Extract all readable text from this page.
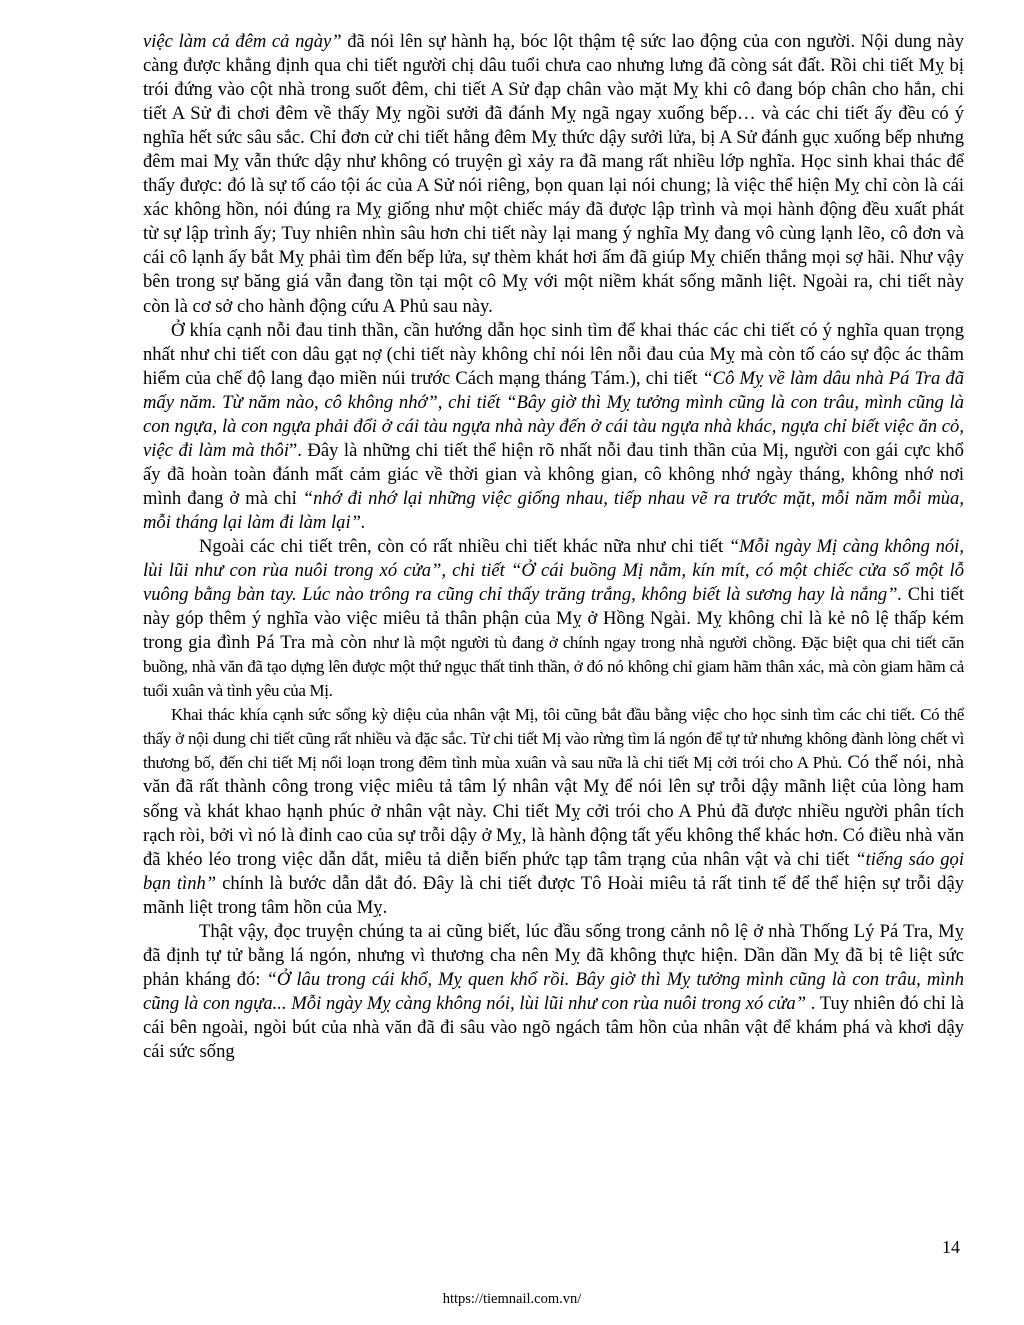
việc làm cả đêm cả ngày” đã nói lên sự hành hạ, bóc lột thậm tệ sức lao động của con người. Nội dung này càng được khẳng định qua chi tiết người chị dâu tuổi chưa cao nhưng lưng đã còng sát đất. Rồi chi tiết Mỵ bị trói đứng vào cột nhà trong suốt đêm, chi tiết A Sử đạp chân vào mặt Mỵ khi cô đang bóp chân cho hắn, chi tiết A Sử đi chơi đêm về thấy Mỵ ngồi sưởi đã đánh Mỵ ngã ngay xuống bếp… và các chi tiết ấy đều có ý nghĩa hết sức sâu sắc. Chỉ đơn cử chi tiết hằng đêm Mỵ thức dậy sưởi lửa, bị A Sử đánh gục xuống bếp nhưng đêm mai Mỵ vẫn thức dậy như không có truyện gì xảy ra đã mang rất nhiều lớp nghĩa. Học sinh khai thác để thấy được: đó là sự tố cáo tội ác của A Sử nói riêng, bọn quan lại nói chung; là việc thể hiện Mỵ chỉ còn là cái xác không hồn, nói đúng ra Mỵ giống như một chiếc máy đã được lập trình và mọi hành động đều xuất phát từ sự lập trình ấy; Tuy nhiên nhìn sâu hơn chi tiết này lại mang ý nghĩa Mỵ đang vô cùng lạnh lẽo, cô đơn và cái cô lạnh ấy bắt Mỵ phải tìm đến bếp lửa, sự thèm khát hơi ấm đã giúp Mỵ chiến thắng mọi sợ hãi. Như vậy bên trong sự băng giá vẫn đang tồn tại một cô Mỵ với một niềm khát sống mãnh liệt. Ngoài ra, chi tiết này còn là cơ sở cho hành động cứu A Phủ sau này.

Ở khía cạnh nỗi đau tinh thần, cần hướng dẫn học sinh tìm để khai thác các chi tiết có ý nghĩa quan trọng nhất như chi tiết con dâu gạt nợ (chi tiết này không chỉ nói lên nỗi đau của Mỵ mà còn tố cáo sự độc ác thâm hiểm của chế độ lang đạo miền núi trước Cách mạng tháng Tám.), chi tiết “Cô Mỵ về làm dâu nhà Pá Tra đã mấy năm. Từ năm nào, cô không nhớ”, chi tiết “Bây giờ thì Mỵ tưởng mình cũng là con trâu, mình cũng là con ngựa, là con ngựa phải đổi ở cái tàu ngựa nhà này đến ở cái tàu ngựa nhà khác, ngựa chỉ biết việc ăn cỏ, việc đi làm mà thôi”. Đây là những chi tiết thể hiện rõ nhất nỗi đau tinh thần của Mị, người con gái cực khổ ấy đã hoàn toàn đánh mất cảm giác về thời gian và không gian, cô không nhớ ngày tháng, không nhớ nơi mình đang ở mà chỉ “nhớ đi nhớ lại những việc giống nhau, tiếp nhau vẽ ra trước mặt, mỗi năm mỗi mùa, mỗi tháng lại làm đi làm lại”.

Ngoài các chi tiết trên, còn có rất nhiều chi tiết khác nữa như chi tiết “Mỗi ngày Mị càng không nói, lùi lũi như con rùa nuôi trong xó cửa”, chi tiết “Ở cái buồng Mị nằm, kín mít, có một chiếc cửa sổ một lỗ vuông bằng bàn tay. Lúc nào trông ra cũng chỉ thấy trăng trắng, không biết là sương hay là nắng”. Chi tiết này góp thêm ý nghĩa vào việc miêu tả thân phận của Mỵ ở Hồng Ngài. Mỵ không chỉ là kẻ nô lệ thấp kém trong gia đình Pá Tra mà còn như là một người tù đang ở chính ngay trong nhà người chồng. Đặc biệt qua chi tiết căn buồng, nhà văn đã tạo dựng lên được một thứ ngục thất tinh thần, ở đó nó không chỉ giam hãm thân xác, mà còn giam hãm cả tuổi xuân và tình yêu của Mị.

Khai thác khía cạnh sức sống kỳ diệu của nhân vật Mị, tôi cũng bắt đầu bằng việc cho học sinh tìm các chi tiết. Có thể thấy ở nội dung chi tiết cũng rất nhiều và đặc sắc. Từ chi tiết Mị vào rừng tìm lá ngón để tự tử nhưng không đành lòng chết vì thương bố, đến chi tiết Mị nổi loạn trong đêm tình mùa xuân và sau nữa là chi tiết Mị cởi trói cho A Phủ. Có thể nói, nhà văn đã rất thành công trong việc miêu tả tâm lý nhân vật Mỵ để nói lên sự trỗi dậy mãnh liệt của lòng ham sống và khát khao hạnh phúc ở nhân vật này. Chi tiết Mỵ cởi trói cho A Phủ đã được nhiều người phân tích rạch ròi, bởi vì nó là đỉnh cao của sự trỗi dậy ở Mỵ, là hành động tất yếu không thể khác hơn. Có điều nhà văn đã khéo léo trong việc dẫn dắt, miêu tả diễn biến phức tạp tâm trạng của nhân vật và chi tiết “tiếng sáo gọi bạn tình” chính là bước dẫn dắt đó. Đây là chi tiết được Tô Hoài miêu tả rất tinh tế để thể hiện sự trỗi dậy mãnh liệt trong tâm hồn của Mỵ.

Thật vậy, đọc truyện chúng ta ai cũng biết, lúc đầu sống trong cảnh nô lệ ở nhà Thống Lý Pá Tra, Mỵ đã định tự tử bằng lá ngón, nhưng vì thương cha nên Mỵ đã không thực hiện. Dần dần Mỵ đã bị tê liệt sức phản kháng đó: “Ở lâu trong cái khổ, Mỵ quen khổ rồi. Bây giờ thì Mỵ tưởng mình cũng là con trâu, mình cũng là con ngựa... Mỗi ngày Mỵ càng không nói, lùi lũi như con rùa nuôi trong xó cửa” . Tuy nhiên đó chỉ là cái bên ngoài, ngòi bút của nhà văn đã đi sâu vào ngõ ngách tâm hồn của nhân vật để khám phá và khơi dậy cái sức sống

14
https://tiemnail.com.vn/
